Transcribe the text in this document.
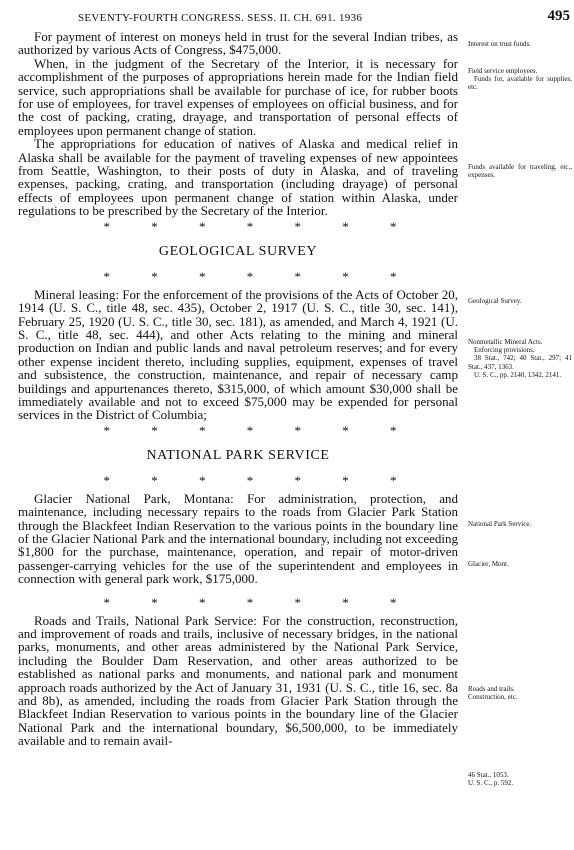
SEVENTY-FOURTH CONGRESS. SESS. II. CH. 691. 1936	495

For payment of interest on moneys held in trust for the several Indian tribes, as authorized by various Acts of Congress, $475,000.

When, in the judgment of the Secretary of the Interior, it is necessary for accomplishment of the purposes of appropriations herein made for the Indian field service, such appropriations shall be available for purchase of ice, for rubber boots for use of employees, for travel expenses of employees on official business, and for the cost of packing, crating, drayage, and transportation of personal effects of employees upon permanent change of station.

The appropriations for education of natives of Alaska and medical relief in Alaska shall be available for the payment of traveling expenses of new appointees from Seattle, Washington, to their posts of duty in Alaska, and of traveling expenses, packing, crating, and transportation (including drayage) of personal effects of employees upon permanent change of station within Alaska, under regulations to be prescribed by the Secretary of the Interior.

* * * * * * *
GEOLOGICAL SURVEY
* * * * * * *

Mineral leasing: For the enforcement of the provisions of the Acts of October 20, 1914 (U. S. C., title 48, sec. 435), October 2, 1917 (U. S. C., title 30, sec. 141), February 25, 1920 (U. S. C., title 30, sec. 181), as amended, and March 4, 1921 (U. S. C., title 48, sec. 444), and other Acts relating to the mining and mineral production on Indian and public lands and naval petroleum reserves; and for every other expense incident thereto, including supplies, equipment, expenses of travel and subsistence, the construction, maintenance, and repair of necessary camp buildings and appurtenances thereto, $315,000, of which amount $30,000 shall be immediately available and not to exceed $75,000 may be expended for personal services in the District of Columbia;

* * * * * * *
NATIONAL PARK SERVICE
* * * * * * *

Glacier National Park, Montana: For administration, protection, and maintenance, including necessary repairs to the roads from Glacier Park Station through the Blackfeet Indian Reservation to the various points in the boundary line of the Glacier National Park and the international boundary, including not exceeding $1,800 for the purchase, maintenance, operation, and repair of motor-driven passenger-carrying vehicles for the use of the superintendent and employees in connection with general park work, $175,000.

* * * * * * *

Roads and Trails, National Park Service: For the construction, reconstruction, and improvement of roads and trails, inclusive of necessary bridges, in the national parks, monuments, and other areas administered by the National Park Service, including the Boulder Dam Reservation, and other areas authorized to be established as national parks and monuments, and national park and monument approach roads authorized by the Act of January 31, 1931 (U. S. C., title 16, sec. 8a and 8b), as amended, including the roads from Glacier Park Station through the Blackfeet Indian Reservation to various points in the boundary line of the Glacier National Park and the international boundary, $6,500,000, to be immediately available and to remain avail-

Interest on trust funds.
Field service employees.
Funds for, available for supplies, etc.
Funds available for traveling, etc., expenses.
Geological Survey.
Nonmetallic Mineral Acts.
Enforcing provisions.
38 Stat., 742; 40 Stat., 297; 41 Stat., 437, 1363.
U. S. C., pp. 2140, 1342, 2141.
National Park Service.
Glacier, Mont.
Roads and trails.
Construction, etc.
46 Stat., 1053.
U. S. C., p. 592.
